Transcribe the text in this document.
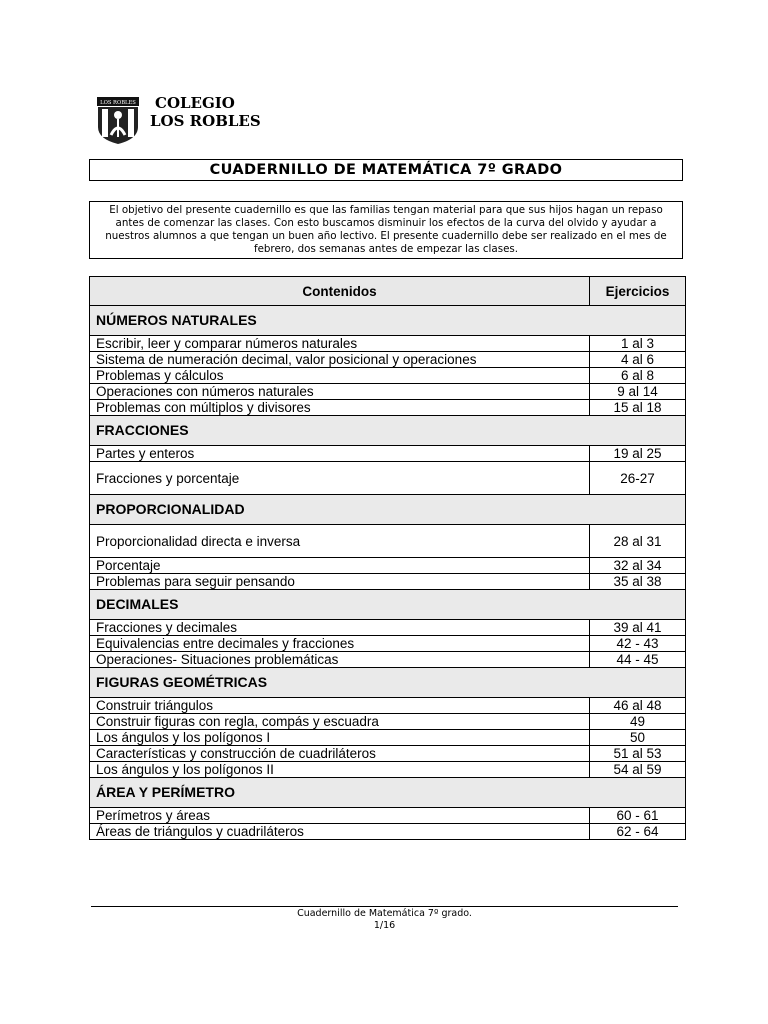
LOS ROBLES	COLEGIO
LOS ROBLES
CUADERNILLO DE MATEMÁTICA 7º GRADO
El objetivo del presente cuadernillo es que las familias tengan material para que sus hijos hagan un repaso antes de comenzar las clases. Con esto buscamos disminuir los efectos de la curva del olvido y ayudar a nuestros alumnos a que tengan un buen año lectivo. El presente cuadernillo debe ser realizado en el mes de febrero, dos semanas antes de empezar las clases.
Contenidos	Ejercicios
NÚMEROS NATURALES	
Escribir, leer y comparar números naturales	1 al 3
Sistema de numeración decimal, valor posicional y operaciones	4 al 6
Problemas y cálculos	6 al 8
Operaciones con números naturales	9 al 14
Problemas con múltiplos y divisores	15 al 18
FRACCIONES	
Partes y enteros	19 al 25
Fracciones y porcentaje	26-27
PROPORCIONALIDAD	
Proporcionalidad directa e inversa	28 al 31
Porcentaje	32 al 34
Problemas para seguir pensando	35 al 38
DECIMALES	
Fracciones y decimales	39 al 41
Equivalencias entre decimales y fracciones	42 - 43
Operaciones- Situaciones problemáticas	44 - 45
FIGURAS GEOMÉTRICAS	
Construir triángulos	46 al 48
Construir figuras con regla, compás y escuadra	49
Los ángulos y los polígonos I	50
Características y construcción de cuadriláteros	51 al 53
Los ángulos y los polígonos II	54 al 59
ÁREA Y PERÍMETRO	
Perímetros y áreas	60 - 61
Áreas de triángulos y cuadriláteros	62 - 64
Cuadernillo de Matemática 7º grado.
1/16
